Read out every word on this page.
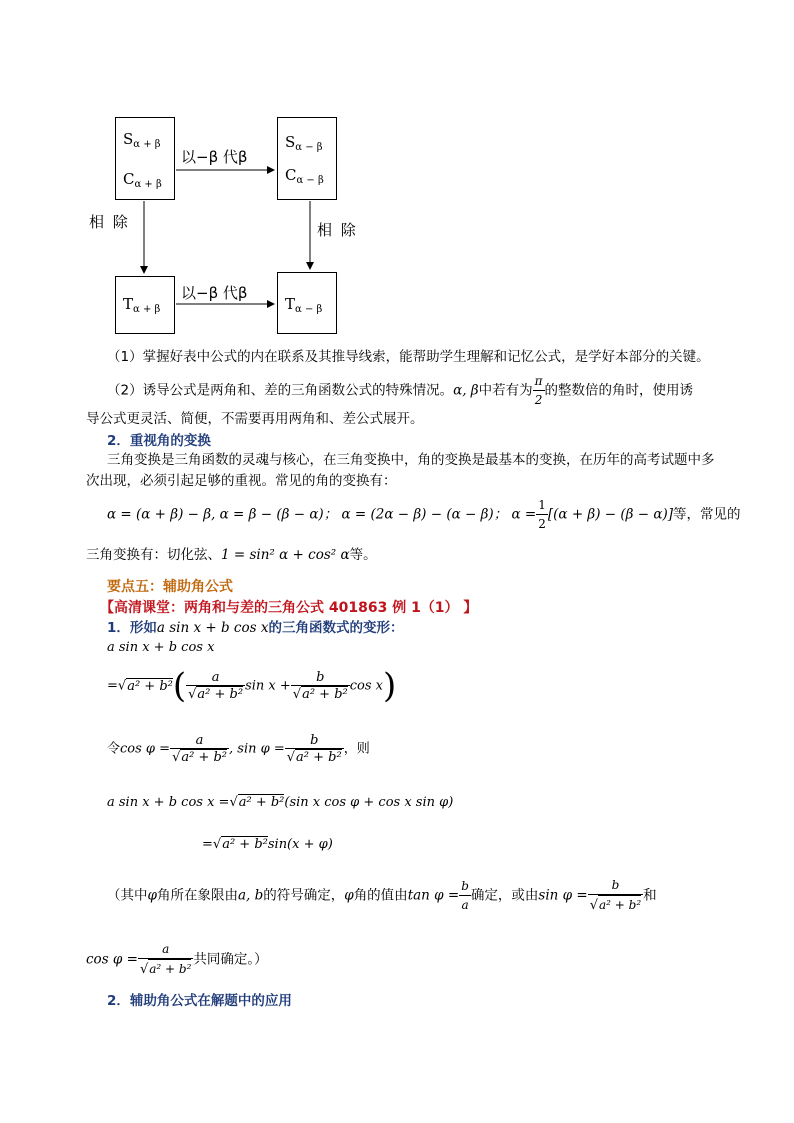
$S_{\alpha + \beta}$
$C_{\alpha + \beta}$
$S_{\alpha - \beta}$
$C_{\alpha - \beta}$
$T_{\alpha + \beta}$	$T_{\alpha - \beta}$
以−β 代β
以−β 代β
相 除	相 除
（1）掌握好表中公式的内在联系及其推导线索，能帮助学生理解和记忆公式，是学好本部分的关键。
（2）诱导公式是两角和、差的三角函数公式的特殊情况。α, β中若有为 $\frac{\pi}{2}$ 的整数倍的角时，使用诱
导公式更灵活、简便，不需要再用两角和、差公式展开。
2．重视角的变换
三角变换是三角函数的灵魂与核心，在三角变换中，角的变换是最基本的变换，在历年的高考试题中多
次出现，必须引起足够的重视。常见的角的变换有：
α = (α + β) − β, α = β − (β − α)； α = (2α − β) − (α − β)； $\alpha = \frac{1}{2} [(\alpha + \beta) - (\beta - \alpha)]$等，常见的
三角变换有：切化弦、1 = sin² α + cos² α等。
要点五：辅助角公式
【高清课堂：两角和与差的三角公式 401863 例 1（1） 】
1．形如a sin x + b cos x的三角函数式的变形：
a sin x + b cos x
$=√a^2 + b^2( \frac{a}{\text{√a² + b²}}$ $\sin x + \frac{b}{\text{√a² + b²}}$ cos x)
令$\cos \varphi = \frac{a}{\text{√a² + b²}}$ , $\sin \varphi = \frac{b}{\text{√a² + b²}}$ ，则
a sin x + b cos x =√a² + b²(sin x cos φ + cos x sin φ)
=√a² + b²sin(x + φ)
（其中φ角所在象限由a, b的符号确定，φ角的值由$\tan \varphi = \frac{b}{a}$ 确定，或由$\sin \varphi = \frac{b}{\text{√a² + b²}}$ 和
$\cos \varphi = \frac{a}{\text{√a² + b²}}$ 共同确定。）
2．辅助角公式在解题中的应用
